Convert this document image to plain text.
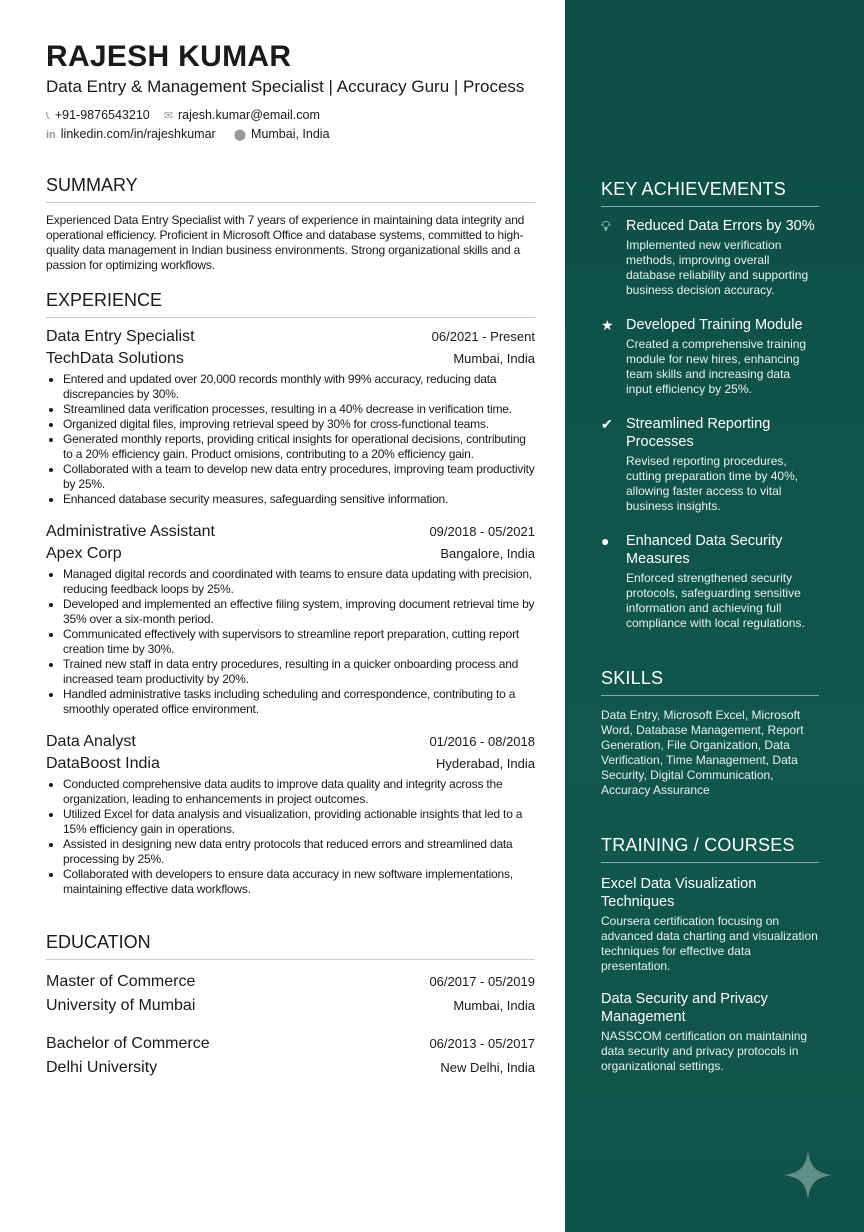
RAJESH KUMAR
Data Entry & Management Specialist | Accuracy Guru | Process
📞︎ +91-9876543210 ✉ rajesh.kumar@email.com
in linkedin.com/in/rajeshkumar ⬤ Mumbai, India
SUMMARY
Experienced Data Entry Specialist with 7 years of experience in maintaining data integrity and operational efficiency. Proficient in Microsoft Office and database systems, committed to high-quality data management in Indian business environments. Strong organizational skills and a passion for optimizing workflows.
EXPERIENCE
Data Entry Specialist	06/2021 - Present
TechData Solutions	Mumbai, India
• Entered and updated over 20,000 records monthly with 99% accuracy, reducing data discrepancies by 30%.
• Streamlined data verification processes, resulting in a 40% decrease in verification time.
• Organized digital files, improving retrieval speed by 30% for cross-functional teams.
• Generated monthly reports, providing critical insights for operational decisions, contributing to a 20% efficiency gain. Product omisions, contributing to a 20% efficiency gain.
• Collaborated with a team to develop new data entry procedures, improving team productivity by 25%.
• Enhanced database security measures, safeguarding sensitive information.
Administrative Assistant	09/2018 - 05/2021
Apex Corp	Bangalore, India
• Managed digital records and coordinated with teams to ensure data updating with precision, reducing feedback loops by 25%.
• Developed and implemented an effective filing system, improving document retrieval time by 35% over a six-month period.
• Communicated effectively with supervisors to streamline report preparation, cutting report creation time by 30%.
• Trained new staff in data entry procedures, resulting in a quicker onboarding process and increased team productivity by 20%.
• Handled administrative tasks including scheduling and correspondence, contributing to a smoothly operated office environment.
Data Analyst	01/2016 - 08/2018
DataBoost India	Hyderabad, India
• Conducted comprehensive data audits to improve data quality and integrity across the organization, leading to enhancements in project outcomes.
• Utilized Excel for data analysis and visualization, providing actionable insights that led to a 15% efficiency gain in operations.
• Assisted in designing new data entry protocols that reduced errors and streamlined data processing by 25%.
• Collaborated with developers to ensure data accuracy in new software implementations, maintaining effective data workflows.
EDUCATION
Master of Commerce	06/2017 - 05/2019
University of Mumbai	Mumbai, India
Bachelor of Commerce	06/2013 - 05/2017
Delhi University	New Delhi, India
KEY ACHIEVEMENTS
💡︎	Reduced Data Errors by 30%
Implemented new verification methods, improving overall database reliability and supporting business decision accuracy.
★ Developed Training Module
Created a comprehensive training module for new hires, enhancing team skills and increasing data input efficiency by 25%.
✔ Streamlined Reporting Processes
Revised reporting procedures, cutting preparation time by 40%, allowing faster access to vital business insights.
●	Enhanced Data Security Measures
Enforced strengthened security protocols, safeguarding sensitive information and achieving full compliance with local regulations.
SKILLS
Data Entry, Microsoft Excel, Microsoft Word, Database Management, Report Generation, File Organization, Data Verification, Time Management, Data Security, Digital Communication, Accuracy Assurance
TRAINING / COURSES
Excel Data Visualization Techniques
Coursera certification focusing on advanced data charting and visualization techniques for effective data presentation.
Data Security and Privacy Management
NASSCOM certification on maintaining data security and privacy protocols in organizational settings.
